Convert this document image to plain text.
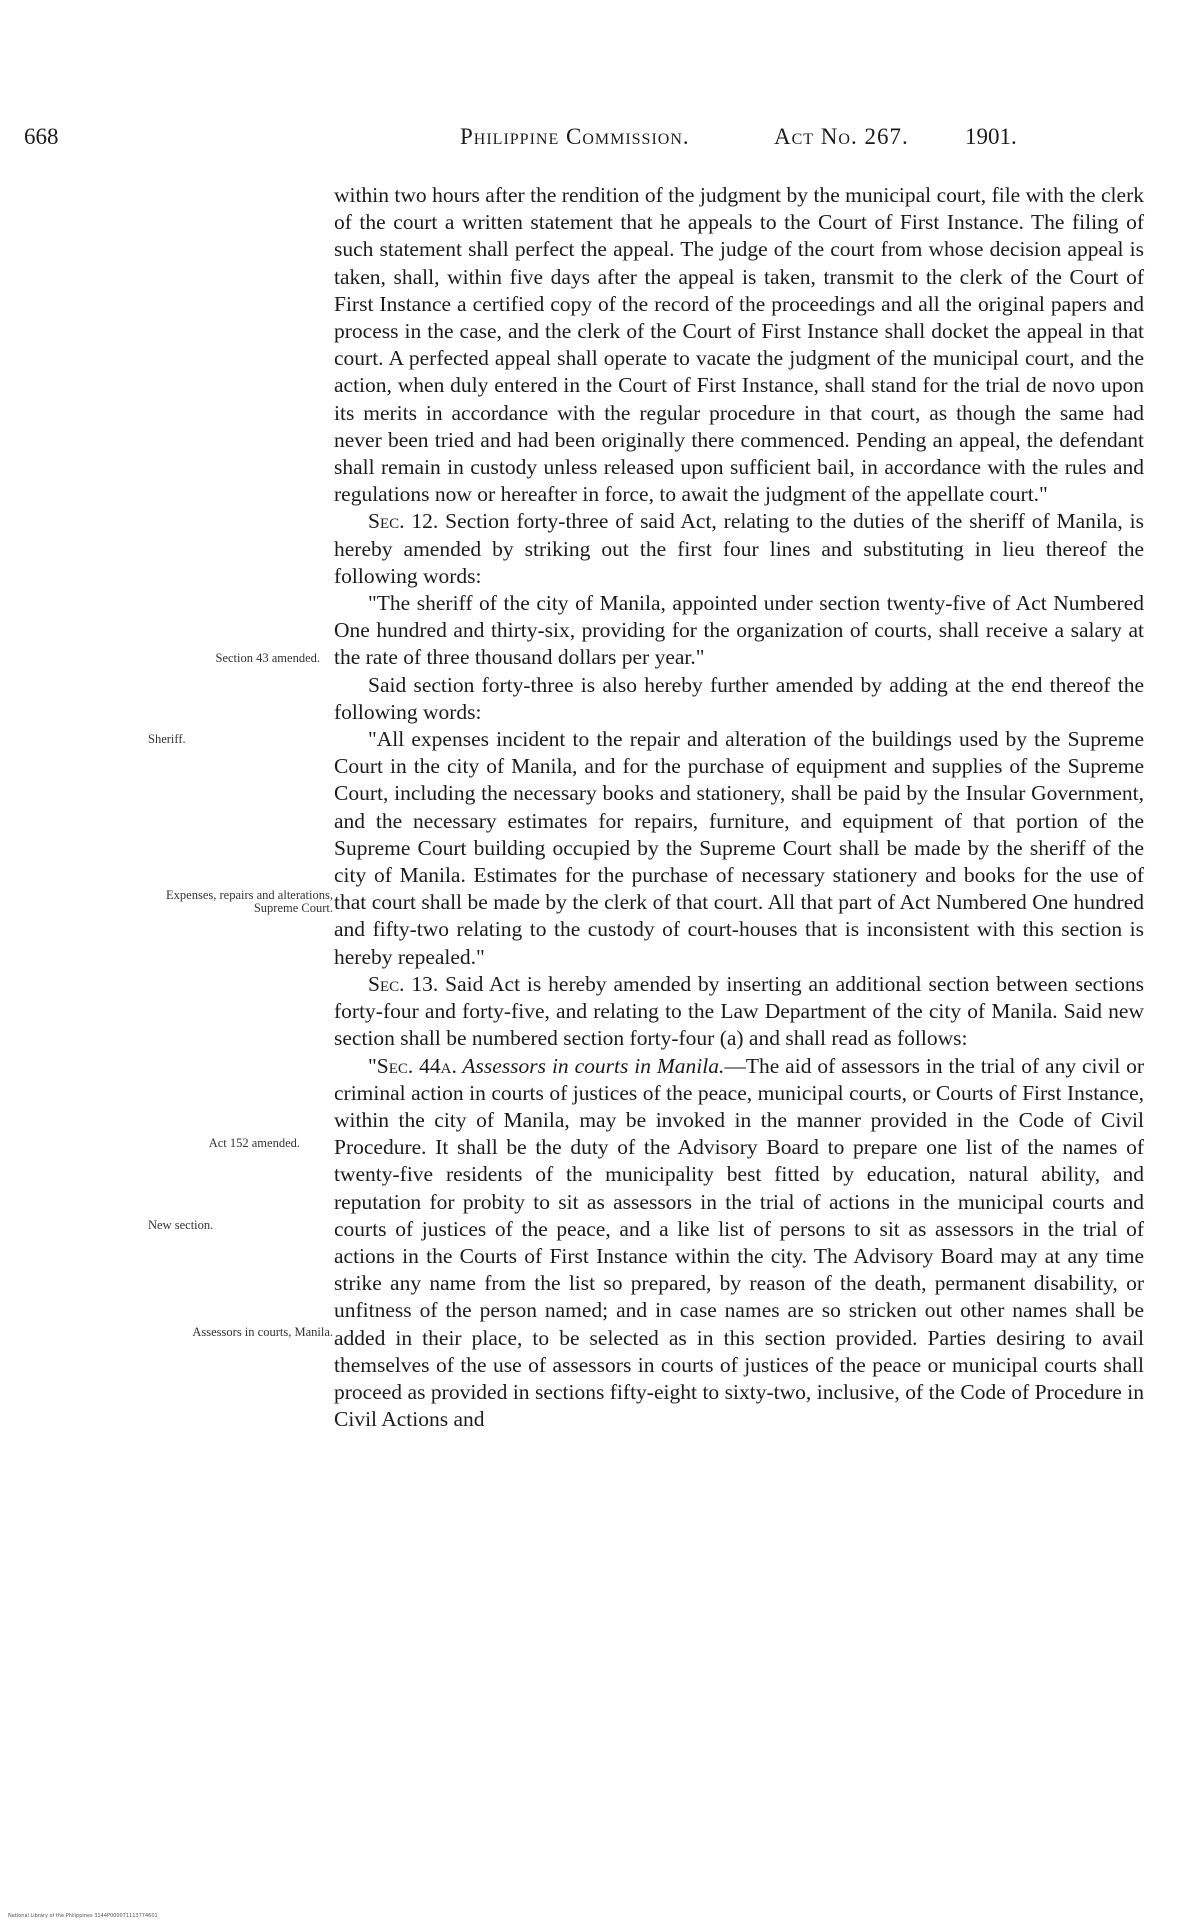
668	Philippine Commission.	Act No. 267. 1901.
Section 43 amended.
Sheriff.
Expenses, repairs and alterations, Supreme Court.
Act 152 amended.
New section.
Assessors in courts, Manila.

within two hours after the rendition of the judgment by the municipal court, file with the clerk of the court a written statement that he appeals to the Court of First Instance. The filing of such statement shall perfect the appeal. The judge of the court from whose decision appeal is taken, shall, within five days after the appeal is taken, transmit to the clerk of the Court of First Instance a certified copy of the record of the proceedings and all the original papers and process in the case, and the clerk of the Court of First Instance shall docket the appeal in that court. A perfected appeal shall operate to vacate the judgment of the municipal court, and the action, when duly entered in the Court of First Instance, shall stand for the trial de novo upon its merits in accordance with the regular procedure in that court, as though the same had never been tried and had been originally there commenced. Pending an appeal, the defendant shall remain in custody unless released upon sufficient bail, in accordance with the rules and regulations now or hereafter in force, to await the judgment of the appellate court."

Sec. 12. Section forty-three of said Act, relating to the duties of the sheriff of Manila, is hereby amended by striking out the first four lines and substituting in lieu thereof the following words:

"The sheriff of the city of Manila, appointed under section twenty-five of Act Numbered One hundred and thirty-six, providing for the organization of courts, shall receive a salary at the rate of three thousand dollars per year."

Said section forty-three is also hereby further amended by adding at the end thereof the following words:

"All expenses incident to the repair and alteration of the buildings used by the Supreme Court in the city of Manila, and for the purchase of equipment and supplies of the Supreme Court, including the necessary books and stationery, shall be paid by the Insular Government, and the necessary estimates for repairs, furniture, and equipment of that portion of the Supreme Court building occupied by the Supreme Court shall be made by the sheriff of the city of Manila. Estimates for the purchase of necessary stationery and books for the use of that court shall be made by the clerk of that court. All that part of Act Numbered One hundred and fifty-two relating to the custody of court-houses that is inconsistent with this section is hereby repealed."

Sec. 13. Said Act is hereby amended by inserting an additional section between sections forty-four and forty-five, and relating to the Law Department of the city of Manila. Said new section shall be numbered section forty-four (a) and shall read as follows:

"Sec. 44a. Assessors in courts in Manila.—The aid of assessors in the trial of any civil or criminal action in courts of justices of the peace, municipal courts, or Courts of First Instance, within the city of Manila, may be invoked in the manner provided in the Code of Civil Procedure. It shall be the duty of the Advisory Board to prepare one list of the names of twenty-five residents of the municipality best fitted by education, natural ability, and reputation for probity to sit as assessors in the trial of actions in the municipal courts and courts of justices of the peace, and a like list of persons to sit as assessors in the trial of actions in the Courts of First Instance within the city. The Advisory Board may at any time strike any name from the list so prepared, by reason of the death, permanent disability, or unfitness of the person named; and in case names are so stricken out other names shall be added in their place, to be selected as in this section provided. Parties desiring to avail themselves of the use of assessors in courts of justices of the peace or municipal courts shall proceed as provided in sections fifty-eight to sixty-two, inclusive, of the Code of Procedure in Civil Actions and

National Library of the Philippines 3144P000071113774601
